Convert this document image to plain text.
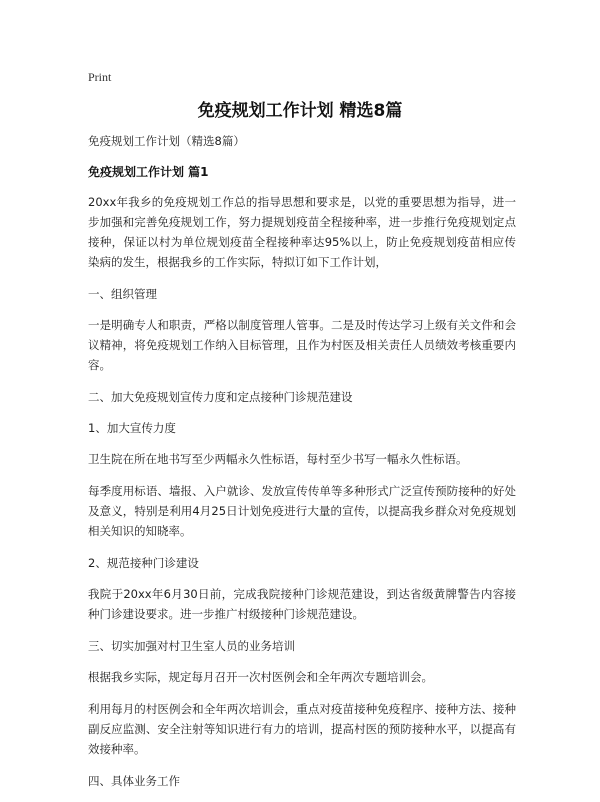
Print
免疫规划工作计划 精选8篇

免疫规划工作计划（精选8篇）

免疫规划工作计划 篇1

20xx年我乡的免疫规划工作总的指导思想和要求是，以党的重要思想为指导，进一步加强和完善免疫规划工作，努力提规划疫苗全程接种率，进一步推行免疫规划定点接种，保证以村为单位规划疫苗全程接种率达95%以上，防止免疫规划疫苗相应传染病的发生，根据我乡的工作实际，特拟订如下工作计划，

一、组织管理

一是明确专人和职责，严格以制度管理人管事。二是及时传达学习上级有关文件和会议精神，将免疫规划工作纳入目标管理，且作为村医及相关责任人员绩效考核重要内容。

二、加大免疫规划宣传力度和定点接种门诊规范建设

1、加大宣传力度

卫生院在所在地书写至少两幅永久性标语，每村至少书写一幅永久性标语。

每季度用标语、墙报、入户就诊、发放宣传传单等多种形式广泛宣传预防接种的好处及意义，特别是利用4月25日计划免疫进行大量的宣传，以提高我乡群众对免疫规划相关知识的知晓率。

2、规范接种门诊建设

我院于20xx年6月30日前，完成我院接种门诊规范建设，到达省级黄牌警告内容接种门诊建设要求。进一步推广村级接种门诊规范建设。

三、切实加强对村卫生室人员的业务培训

根据我乡实际，规定每月召开一次村医例会和全年两次专题培训会。

利用每月的村医例会和全年两次培训会，重点对疫苗接种免疫程序、接种方法、接种副反应监测、安全注射等知识进行有力的培训，提高村医的预防接种水平，以提高有效接种率。

四、具体业务工作
